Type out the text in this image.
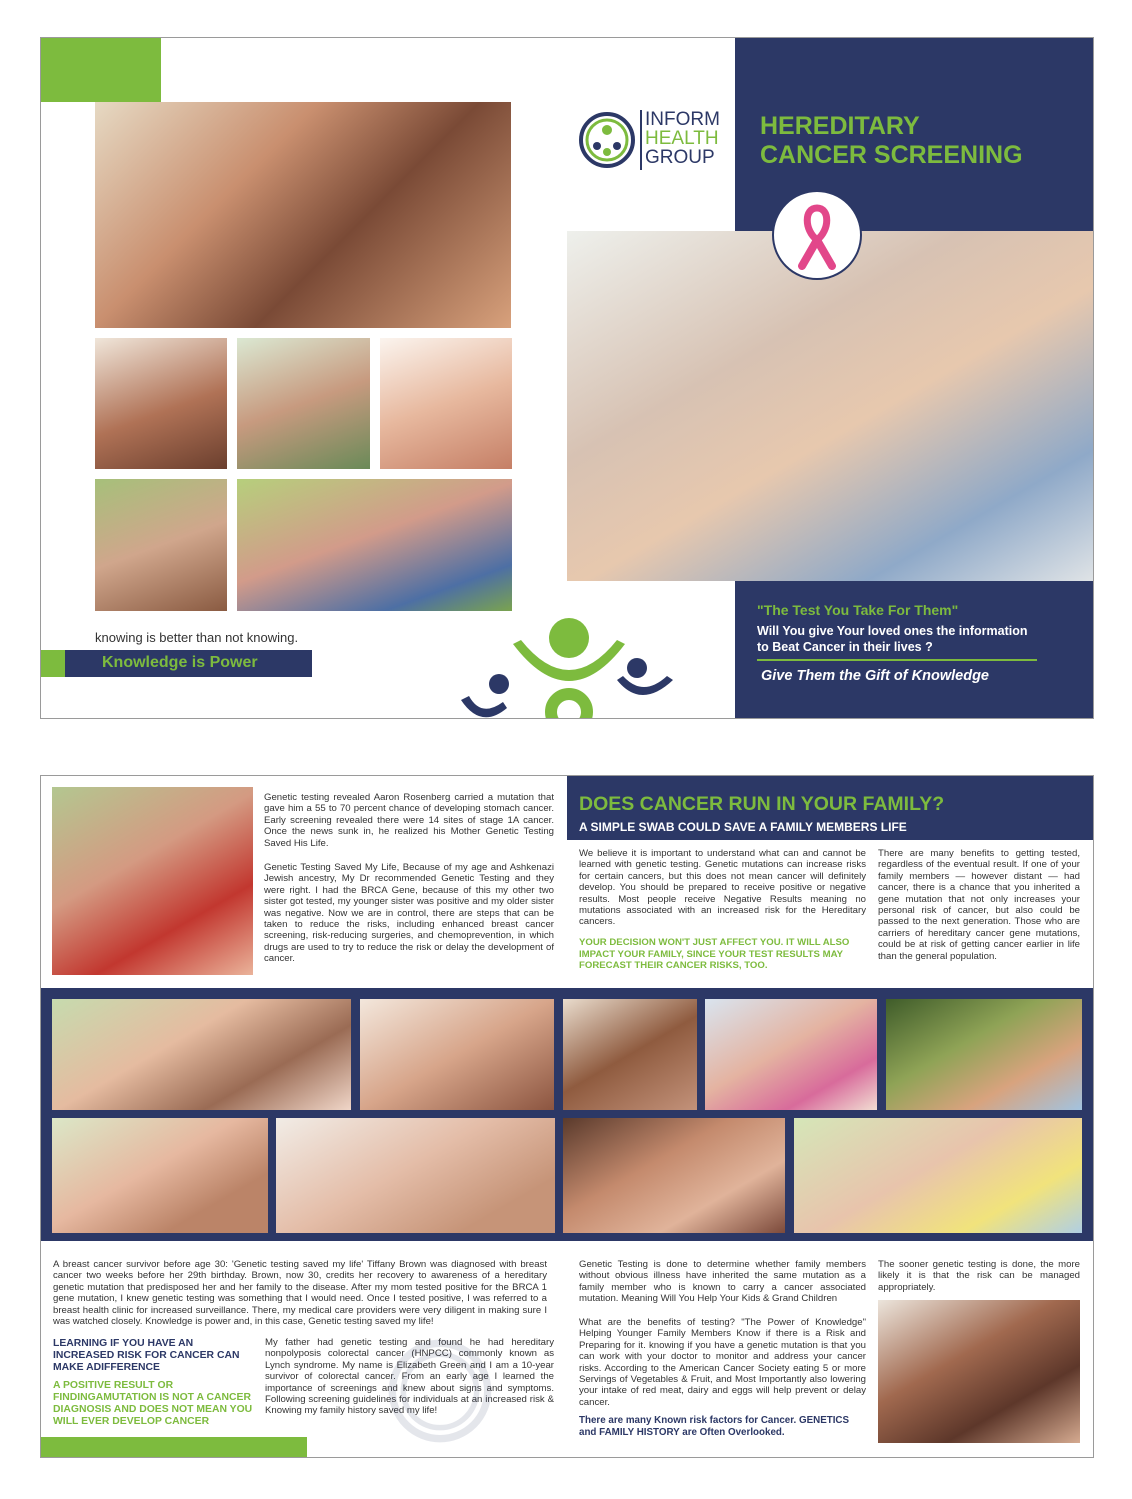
knowing is better than not knowing.
Knowledge is Power
INFORM
HEALTH
GROUP
HEREDITARY
CANCER SCREENING
"The Test You Take For Them"
Will You give Your loved ones the information
to Beat Cancer in their lives ?
Give Them the Gift of Knowledge
Genetic testing revealed Aaron Rosenberg carried a mutation that gave him a 55 to 70 percent chance of developing stomach cancer. Early screening revealed there were 14 sites of stage 1A cancer. Once the news sunk in, he realized his Mother Genetic Testing Saved His Life.
Genetic Testing Saved My Life, Because of my age and Ashkenazi Jewish ancestry, My Dr recommended Genetic Testing and they were right. I had the BRCA Gene, because of this my other two sister got tested, my younger sister was positive and my older sister was negative. Now we are in control, there are steps that can be taken to reduce the risks, including enhanced breast cancer screening, risk-reducing surgeries, and chemoprevention, in which drugs are used to try to reduce the risk or delay the development of cancer.
DOES CANCER RUN IN YOUR FAMILY?
A SIMPLE SWAB COULD SAVE A FAMILY MEMBERS LIFE
We believe it is important to understand what can and cannot be learned with genetic testing. Genetic mutations can increase risks for certain cancers, but this does not mean cancer will definitely develop. You should be prepared to receive positive or negative results. Most people receive Negative Results meaning no mutations associated with an increased risk for the Hereditary cancers.
YOUR DECISION WON'T JUST AFFECT YOU. IT WILL ALSO IMPACT YOUR FAMILY, SINCE YOUR TEST RESULTS MAY FORECAST THEIR CANCER RISKS, TOO.
There are many benefits to getting tested, regardless of the eventual result. If one of your family members — however distant — had cancer, there is a chance that you inherited a gene mutation that not only increases your personal risk of cancer, but also could be passed to the next generation. Those who are carriers of hereditary cancer gene mutations, could be at risk of getting cancer earlier in life than the general population.
A breast cancer survivor before age 30: 'Genetic testing saved my life' Tiffany Brown was diagnosed with breast cancer two weeks before her 29th birthday. Brown, now 30, credits her recovery to awareness of a hereditary genetic mutation that predisposed her and her family to the disease. After my mom tested positive for the BRCA 1 gene mutation, I knew genetic testing was something that I would need. Once I tested positive, I was referred to a breast health clinic for increased surveillance. There, my medical care providers were very diligent in making sure I was watched closely. Knowledge is power and, in this case, Genetic testing saved my life!
LEARNING IF YOU HAVE AN INCREASED RISK FOR CANCER CAN MAKE ADIFFERENCE
A POSITIVE RESULT OR FINDINGAMUTATION IS NOT A CANCER DIAGNOSIS AND DOES NOT MEAN YOU WILL EVER DEVELOP CANCER
My father had genetic testing and found he had hereditary nonpolyposis colorectal cancer (HNPCC) commonly known as Lynch syndrome. My name is Elizabeth Green and I am a 10-year survivor of colorectal cancer. From an early age I learned the importance of screenings and knew about signs and symptoms. Following screening guidelines for individuals at an increased risk & Knowing my family history saved my life!
Genetic Testing is done to determine whether family members without obvious illness have inherited the same mutation as a family member who is known to carry a cancer associated mutation. Meaning Will You Help Your Kids & Grand Children
What are the benefits of testing? "The Power of Knowledge" Helping Younger Family Members Know if there is a Risk and Preparing for it. knowing if you have a genetic mutation is that you can work with your doctor to monitor and address your cancer risks. According to the American Cancer Society eating 5 or more Servings of Vegetables & Fruit, and Most Importantly also lowering your intake of red meat, dairy and eggs will help prevent or delay cancer.
There are many Known risk factors for Cancer. GENETICS and FAMILY HISTORY are Often Overlooked.
The sooner genetic testing is done, the more likely it is that the risk can be managed appropriately.
